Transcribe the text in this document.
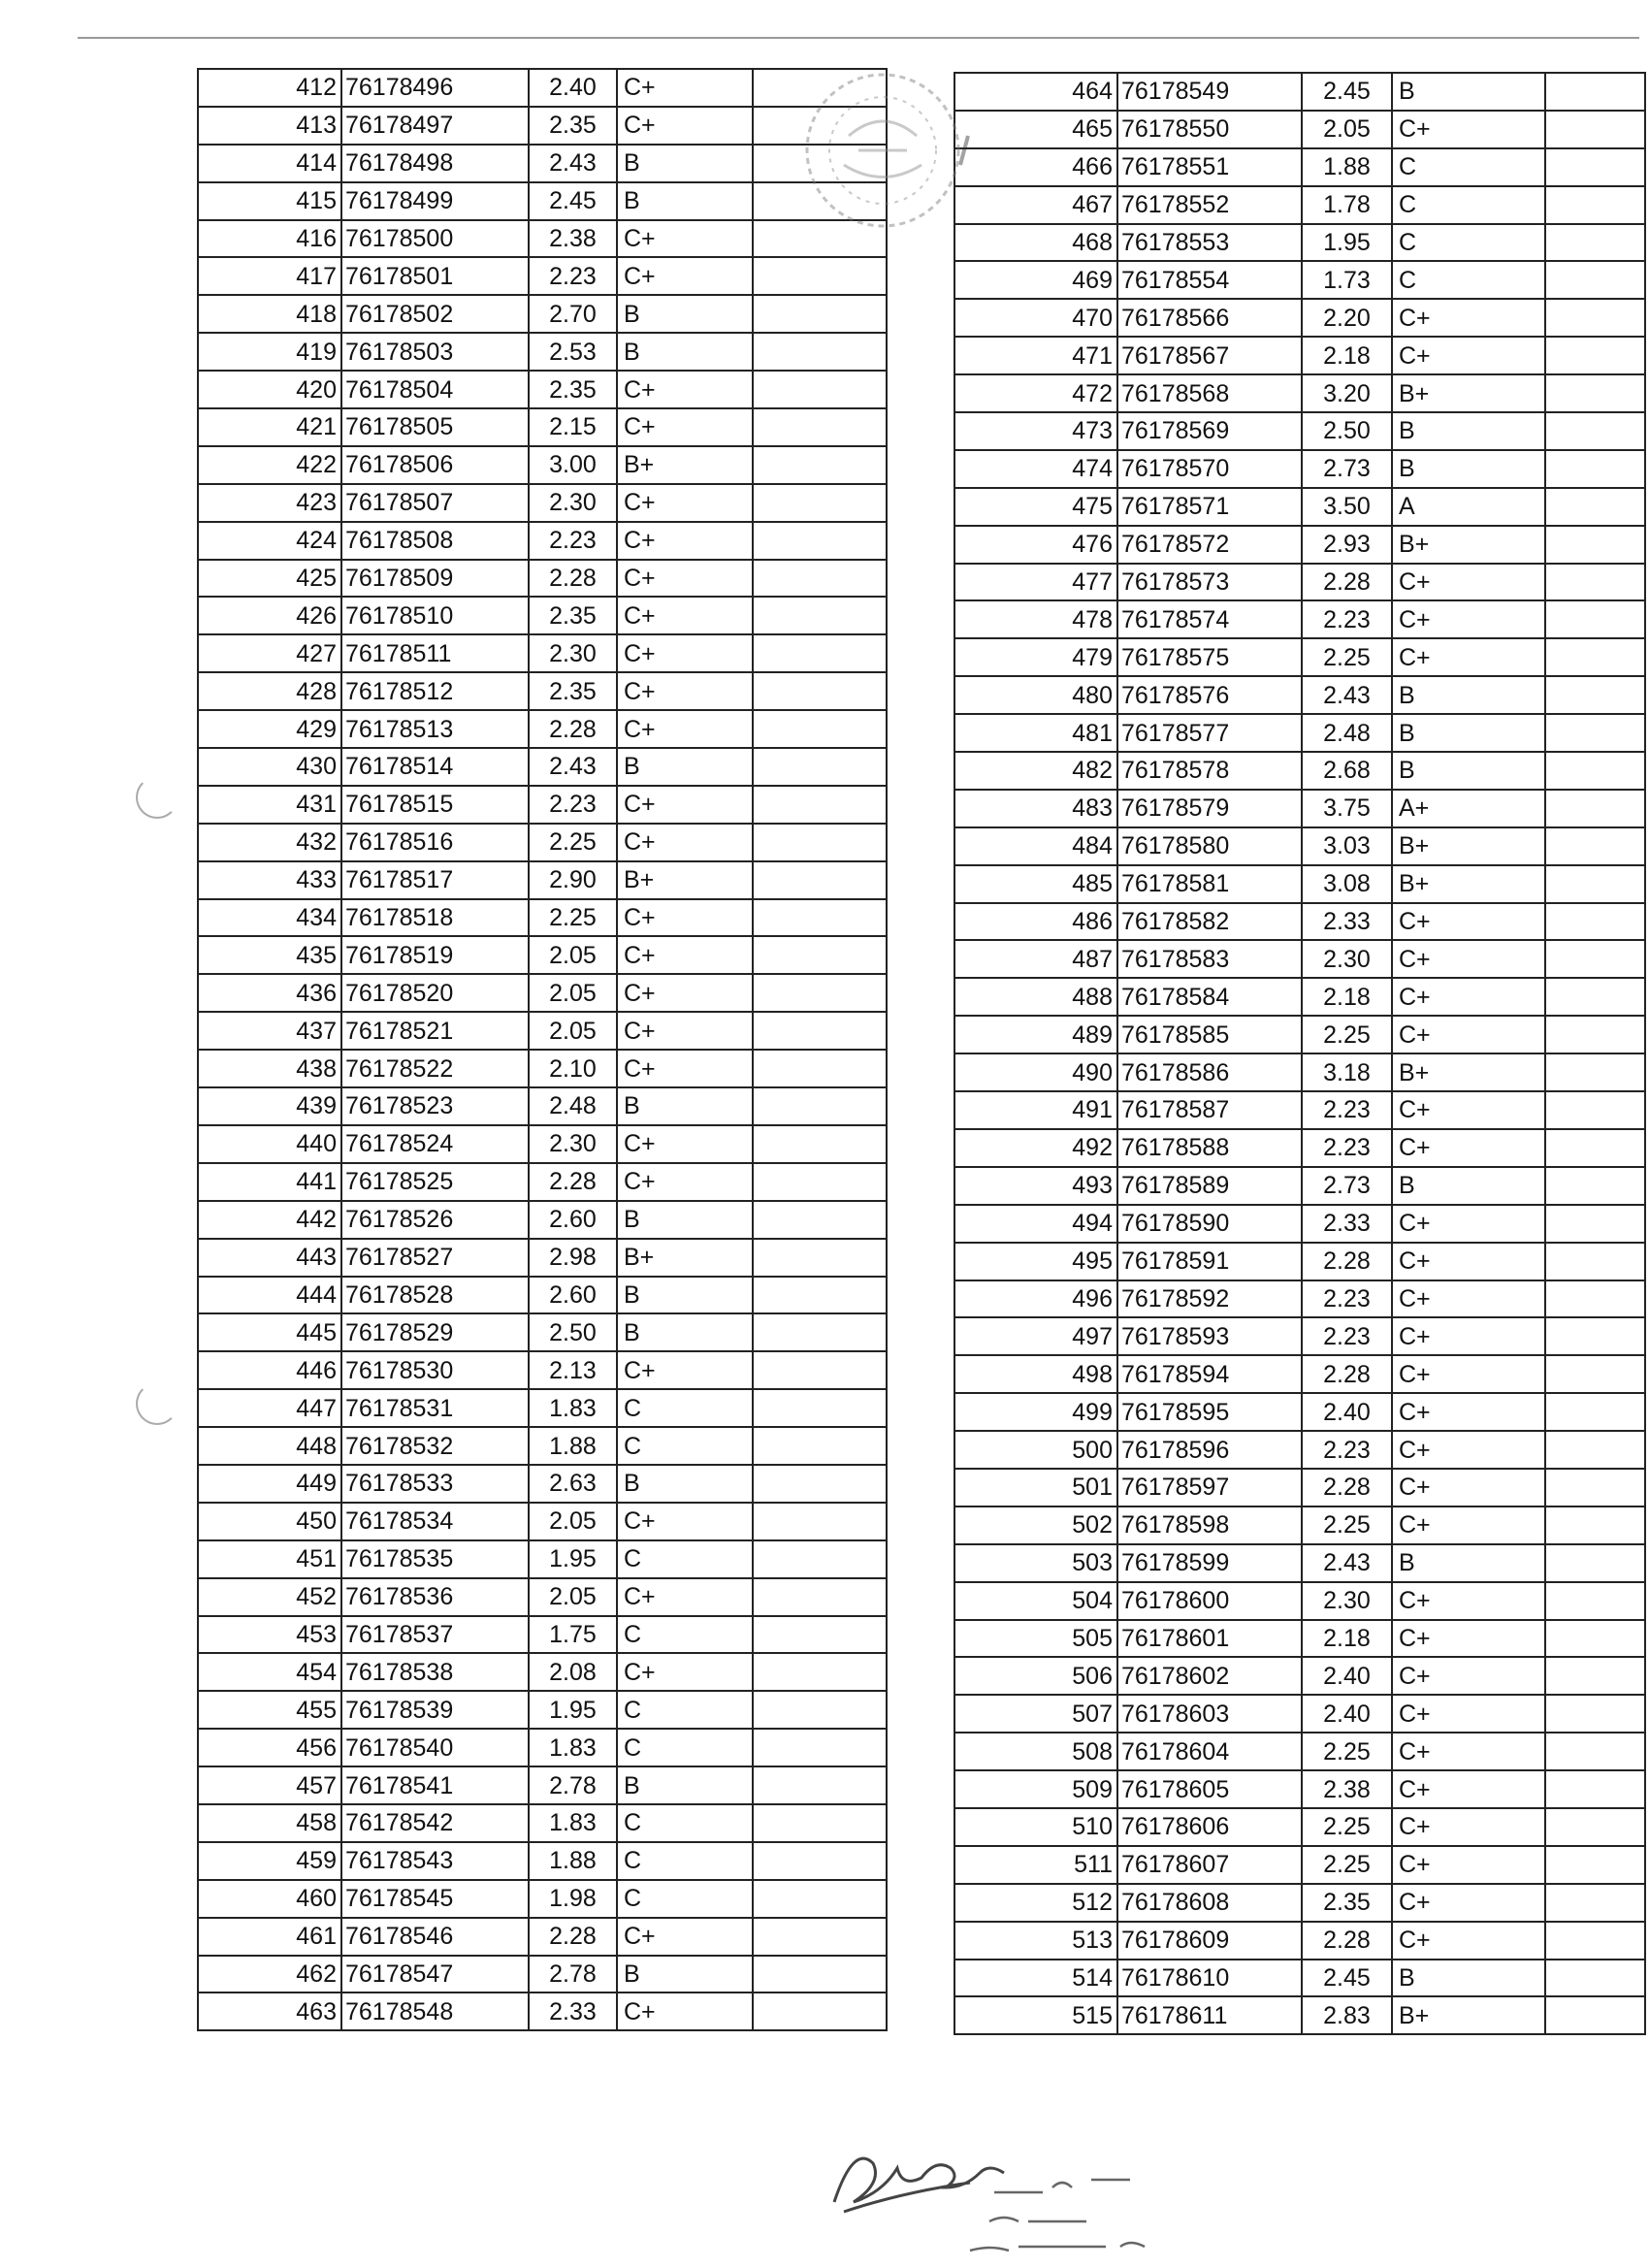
412	76178496	2.40	C+	
413	76178497	2.35	C+	
414	76178498	2.43	B	
415	76178499	2.45	B	
416	76178500	2.38	C+	
417	76178501	2.23	C+	
418	76178502	2.70	B	
419	76178503	2.53	B	
420	76178504	2.35	C+	
421	76178505	2.15	C+	
422	76178506	3.00	B+	
423	76178507	2.30	C+	
424	76178508	2.23	C+	
425	76178509	2.28	C+	
426	76178510	2.35	C+	
427	76178511	2.30	C+	
428	76178512	2.35	C+	
429	76178513	2.28	C+	
430	76178514	2.43	B	
431	76178515	2.23	C+	
432	76178516	2.25	C+	
433	76178517	2.90	B+	
434	76178518	2.25	C+	
435	76178519	2.05	C+	
436	76178520	2.05	C+	
437	76178521	2.05	C+	
438	76178522	2.10	C+	
439	76178523	2.48	B	
440	76178524	2.30	C+	
441	76178525	2.28	C+	
442	76178526	2.60	B	
443	76178527	2.98	B+	
444	76178528	2.60	B	
445	76178529	2.50	B	
446	76178530	2.13	C+	
447	76178531	1.83	C	
448	76178532	1.88	C	
449	76178533	2.63	B	
450	76178534	2.05	C+	
451	76178535	1.95	C	
452	76178536	2.05	C+	
453	76178537	1.75	C	
454	76178538	2.08	C+	
455	76178539	1.95	C	
456	76178540	1.83	C	
457	76178541	2.78	B	
458	76178542	1.83	C	
459	76178543	1.88	C	
460	76178545	1.98	C	
461	76178546	2.28	C+	
462	76178547	2.78	B	
463	76178548	2.33	C+	
464	76178549	2.45	B	
465	76178550	2.05	C+	
466	76178551	1.88	C	
467	76178552	1.78	C	
468	76178553	1.95	C	
469	76178554	1.73	C	
470	76178566	2.20	C+	
471	76178567	2.18	C+	
472	76178568	3.20	B+	
473	76178569	2.50	B	
474	76178570	2.73	B	
475	76178571	3.50	A	
476	76178572	2.93	B+	
477	76178573	2.28	C+	
478	76178574	2.23	C+	
479	76178575	2.25	C+	
480	76178576	2.43	B	
481	76178577	2.48	B	
482	76178578	2.68	B	
483	76178579	3.75	A+	
484	76178580	3.03	B+	
485	76178581	3.08	B+	
486	76178582	2.33	C+	
487	76178583	2.30	C+	
488	76178584	2.18	C+	
489	76178585	2.25	C+	
490	76178586	3.18	B+	
491	76178587	2.23	C+	
492	76178588	2.23	C+	
493	76178589	2.73	B	
494	76178590	2.33	C+	
495	76178591	2.28	C+	
496	76178592	2.23	C+	
497	76178593	2.23	C+	
498	76178594	2.28	C+	
499	76178595	2.40	C+	
500	76178596	2.23	C+	
501	76178597	2.28	C+	
502	76178598	2.25	C+	
503	76178599	2.43	B	
504	76178600	2.30	C+	
505	76178601	2.18	C+	
506	76178602	2.40	C+	
507	76178603	2.40	C+	
508	76178604	2.25	C+	
509	76178605	2.38	C+	
510	76178606	2.25	C+	
511	76178607	2.25	C+	
512	76178608	2.35	C+	
513	76178609	2.28	C+	
514	76178610	2.45	B	
515	76178611	2.83	B+	
